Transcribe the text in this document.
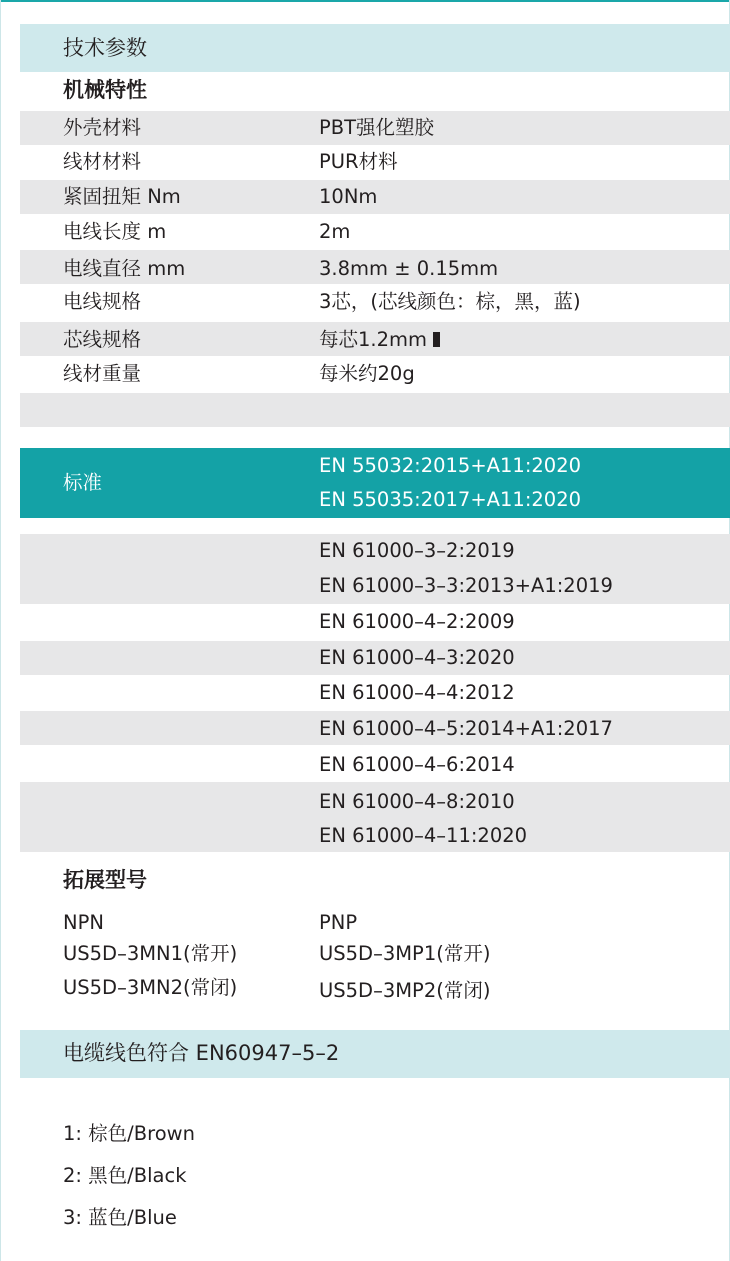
技术参数
机械特性
外壳材料	PBT强化塑胶
线材材料	PUR材料
紧固扭矩 Nm	10Nm
电线长度 m	2m
电线直径 mm	3.8mm ± 0.15mm
电线规格	3芯，(芯线颜色：棕，黑，蓝)
芯线规格	每芯1.2mm
线材重量	每米约20g
标准
EN 55032:2015+A11:2020
EN 55035:2017+A11:2020
EN 61000–3–2:2019
EN 61000–3–3:2013+A1:2019
EN 61000–4–2:2009
EN 61000–4–3:2020
EN 61000–4–4:2012
EN 61000–4–5:2014+A1:2017
EN 61000–4–6:2014
EN 61000–4–8:2010
EN 61000–4–11:2020
拓展型号
NPN	PNP
US5D–3MN1(常开)	US5D–3MP1(常开)
US5D–3MN2(常闭)	US5D–3MP2(常闭)
电缆线色符合 EN60947–5–2
1: 棕色/Brown
2: 黑色/Black
3: 蓝色/Blue
